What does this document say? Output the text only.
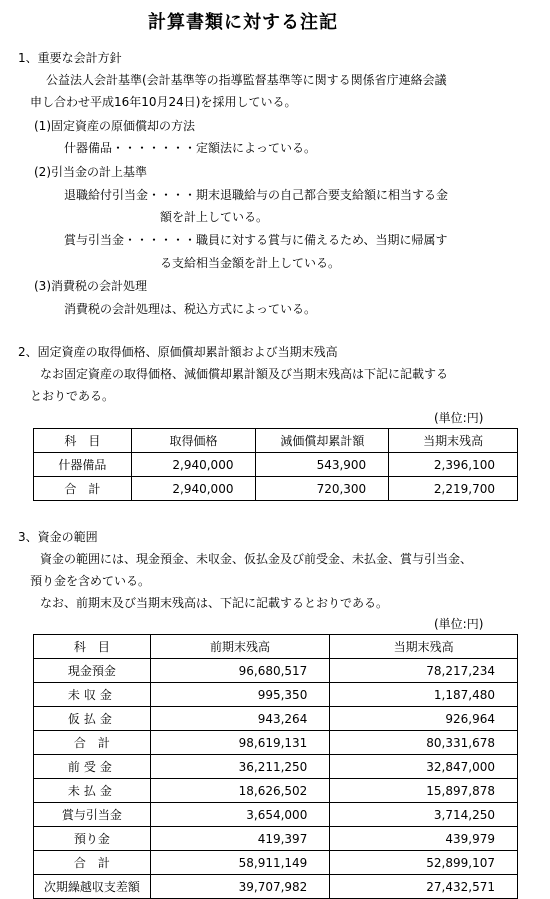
計算書類に対する注記
1、重要な会計方針
公益法人会計基準(会計基準等の指導監督基準等に関する関係省庁連絡会議
申し合わせ平成16年10月24日)を採用している。
(1)固定資産の原価償却の方法
什器備品・・・・・・・定額法によっている。
(2)引当金の計上基準
退職給付引当金・・・・期末退職給与の自己都合要支給額に相当する金
額を計上している。
賞与引当金・・・・・・職員に対する賞与に備えるため、当期に帰属す
る支給相当金額を計上している。
(3)消費税の会計処理
消費税の会計処理は、税込方式によっている。
2、固定資産の取得価格、原価償却累計額および当期末残高
なお固定資産の取得価格、減価償却累計額及び当期末残高は下記に記載する
とおりである。
(単位:円)
科　目	取得価格	減価償却累計額	当期末残高
什器備品	2,940,000	543,900	2,396,100
合　計	2,940,000	720,300	2,219,700
3、資金の範囲
資金の範囲には、現金預金、未収金、仮払金及び前受金、未払金、賞与引当金、
預り金を含めている。
なお、前期末及び当期末残高は、下記に記載するとおりである。
(単位:円)
科　目	前期末残高	当期末残高
現金預金	96,680,517	78,217,234
未収金	995,350	1,187,480
仮払金	943,264	926,964
合　計	98,619,131	80,331,678
前受金	36,211,250	32,847,000
未払金	18,626,502	15,897,878
賞与引当金	3,654,000	3,714,250
預り金	419,397	439,979
合　計	58,911,149	52,899,107
次期繰越収支差額	39,707,982	27,432,571
